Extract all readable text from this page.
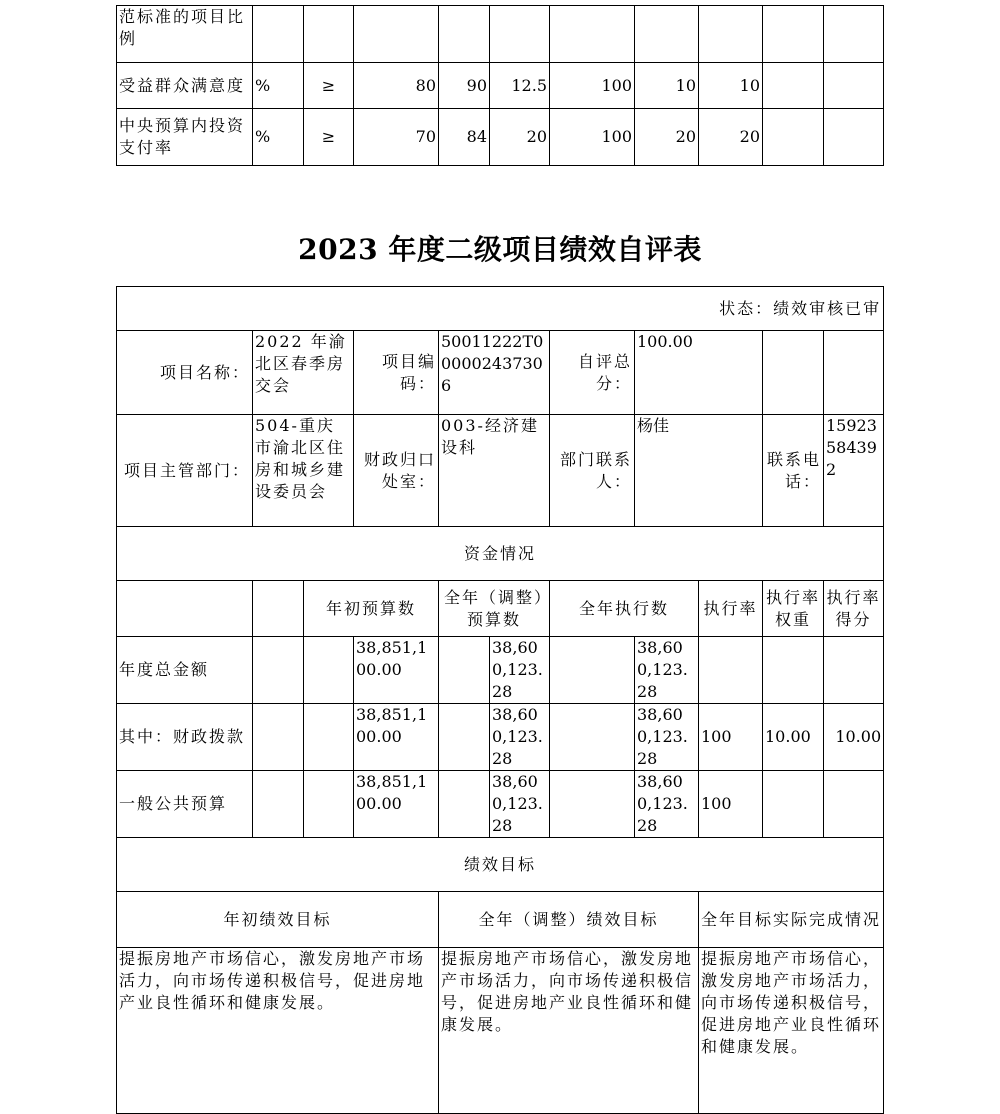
范标准的项目比例										
受益群众满意度	%	≥	80	90	12.5	100	10	10		
中央预算内投资支付率	%	≥	70	84	20	100	20	20		
2023 年度二级项目绩效自评表
状态：绩效审核已审										
项目名称：	2022 年渝北区春季房交会		项目编码：	50011222T000002437306		自评总分：	100.00			
项目主管部门：	504-重庆市渝北区住房和城乡建设委员会		财政归口处室：	003-经济建设科		部门联系人：	杨佳		联系电话：	15923584392
资金情况										
		年初预算数		全年（调整）预算数		全年执行数		执行率	执行率权重	执行率得分
年度总金额			38,851,100.00		38,600,123.28		38,600,123.28			
其中：财政拨款			38,851,100.00		38,600,123.28		38,600,123.28	100	10.00	10.00
一般公共预算			38,851,100.00		38,600,123.28		38,600,123.28	100		
绩效目标										
年初绩效目标				全年（调整）绩效目标				全年目标实际完成情况		
提振房地产市场信心，激发房地产市场活力，向市场传递积极信号，促进房地产业良性循环和健康发展。				提振房地产市场信心，激发房地产市场活力，向市场传递积极信号，促进房地产业良性循环和健康发展。				提振房地产市场信心，激发房地产市场活力，向市场传递积极信号，促进房地产业良性循环和健康发展。		
